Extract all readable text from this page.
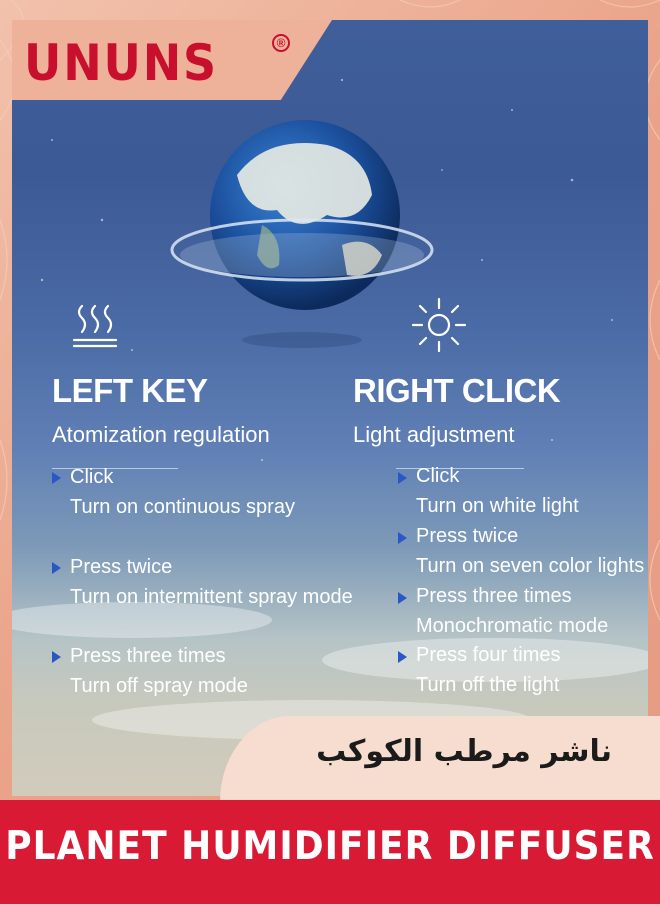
UNUNS	®
LEFT KEY
Atomization regulation
RIGHT CLICK
Light adjustment
Click
Turn on continuous spray
Press twice
Turn on intermittent spray mode
Press three times
Turn off spray mode
Click
Turn on white light
Press twice
Turn on seven color lights
Press three times
Monochromatic mode
Press four times
Turn off the light
ناشر مرطب الكوكب
PLANET HUMIDIFIER DIFFUSER
